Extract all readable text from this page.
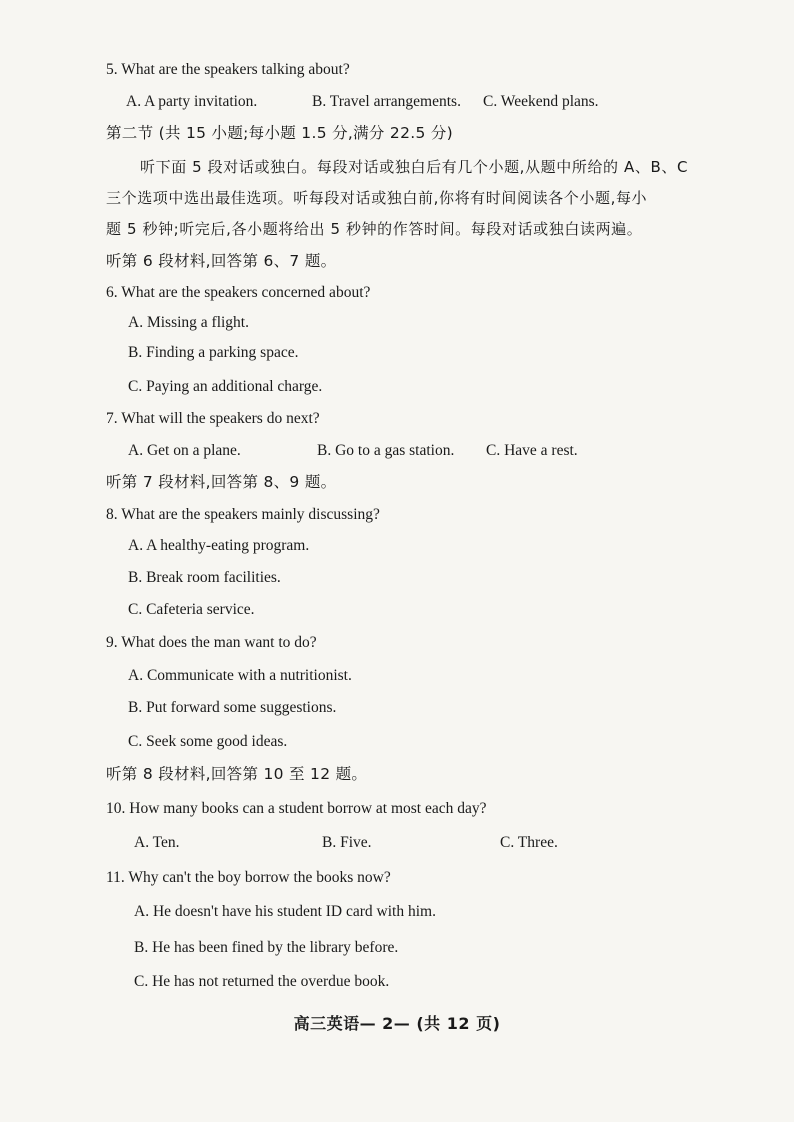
5. What are the speakers talking about?
A. A party invitation.	B. Travel arrangements. C. Weekend plans.
第二节 (共 15 小题;每小题 1.5 分,满分 22.5 分)
听下面 5 段对话或独白。每段对话或独白后有几个小题,从题中所给的 A、B、C
三个选项中选出最佳选项。听每段对话或独白前,你将有时间阅读各个小题,每小
题 5 秒钟;听完后,各小题将给出 5 秒钟的作答时间。每段对话或独白读两遍。
听第 6 段材料,回答第 6、7 题。
6. What are the speakers concerned about?
A. Missing a flight.
B. Finding a parking space.
C. Paying an additional charge.
7. What will the speakers do next?
A. Get on a plane.	B. Go to a gas station. C. Have a rest.
听第 7 段材料,回答第 8、9 题。
8. What are the speakers mainly discussing?
A. A healthy-eating program.
B. Break room facilities.
C. Cafeteria service.
9. What does the man want to do?
A. Communicate with a nutritionist.
B. Put forward some suggestions.
C. Seek some good ideas.
听第 8 段材料,回答第 10 至 12 题。
10. How many books can a student borrow at most each day?
A. Ten.	B. Five.	C. Three.
11. Why can't the boy borrow the books now?
A. He doesn't have his student ID card with him.
B. He has been fined by the library before.
C. He has not returned the overdue book.
高三英语— 2— (共 12 页)
